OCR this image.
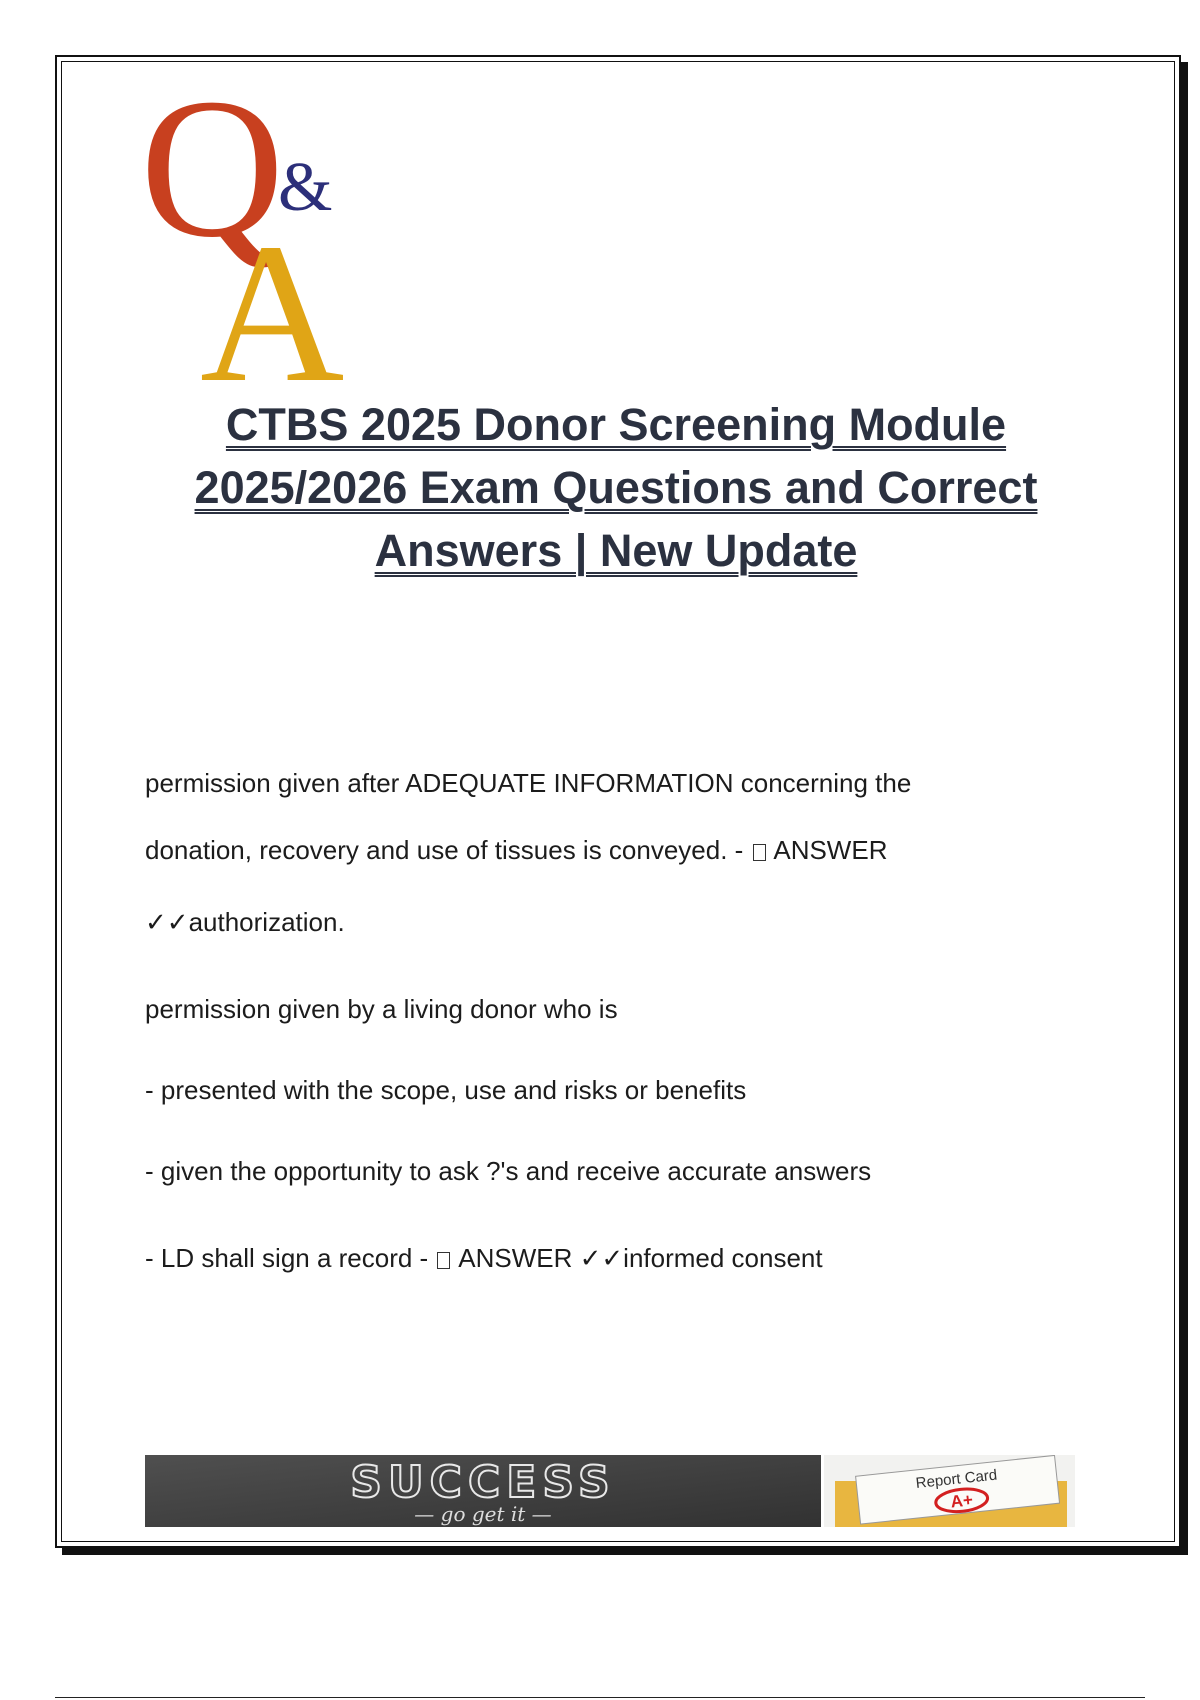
Q
&
A
CTBS 2025 Donor Screening Module
2025/2026 Exam Questions and Correct
Answers | New Update
permission given after ADEQUATE INFORMATION concerning the
donation, recovery and use of tissues is conveyed. -  ANSWER
✓✓authorization.
permission given by a living donor who is
- presented with the scope, use and risks or benefits
- given the opportunity to ask ?'s and receive accurate answers
- LD shall sign a record -  ANSWER ✓✓informed consent
SUCCESS
— go get it —
Report Card
A+
